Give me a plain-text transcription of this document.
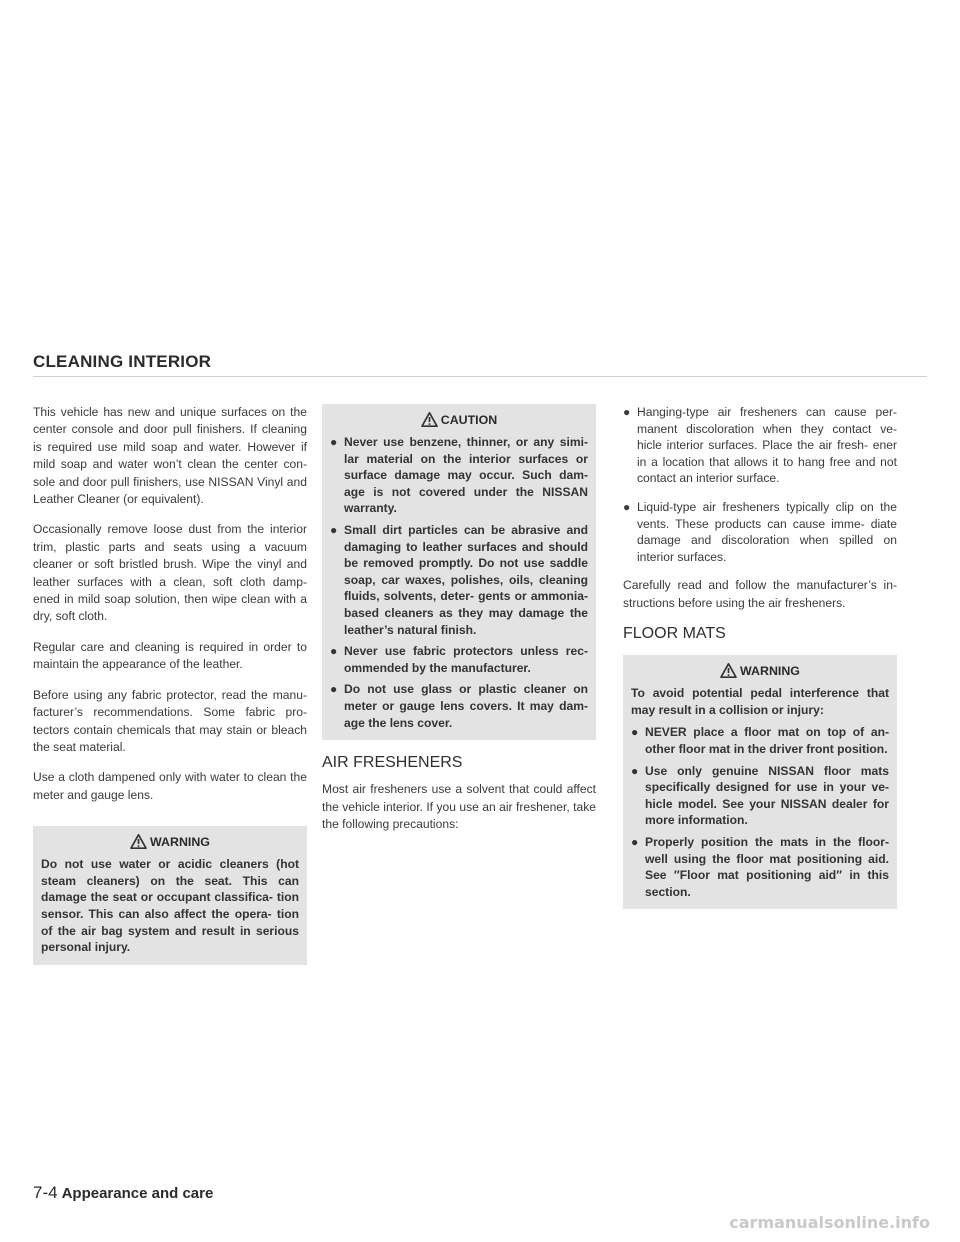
CLEANING INTERIOR

This vehicle has new and unique surfaces on the center console and door pull finishers. If cleaning is required use mild soap and water. However if mild soap and water won’t clean the center con- sole and door pull finishers, use NISSAN Vinyl and Leather Cleaner (or equivalent).

Occasionally remove loose dust from the interior trim, plastic parts and seats using a vacuum cleaner or soft bristled brush. Wipe the vinyl and leather surfaces with a clean, soft cloth damp- ened in mild soap solution, then wipe clean with a dry, soft cloth.

Regular care and cleaning is required in order to maintain the appearance of the leather.

Before using any fabric protector, read the manu- facturer’s recommendations. Some fabric pro- tectors contain chemicals that may stain or bleach the seat material.

Use a cloth dampened only with water to clean the meter and gauge lens.

WARNING
Do not use water or acidic cleaners (hot steam cleaners) on the seat. This can damage the seat or occupant classifica- tion sensor. This can also affect the opera- tion of the air bag system and result in serious personal injury.
CAUTION
● Never use benzene, thinner, or any simi- lar material on the interior surfaces or surface damage may occur. Such dam- age is not covered under the NISSAN warranty.
● Small dirt particles can be abrasive and damaging to leather surfaces and should be removed promptly. Do not use saddle soap, car waxes, polishes, oils, cleaning fluids, solvents, deter- gents or ammonia-based cleaners as they may damage the leather’s natural finish.
● Never use fabric protectors unless rec- ommended by the manufacturer.
● Do not use glass or plastic cleaner on meter or gauge lens covers. It may dam- age the lens cover.
AIR FRESHENERS

Most air fresheners use a solvent that could affect the vehicle interior. If you use an air freshener, take the following precautions:

● Hanging-type air fresheners can cause per- manent discoloration when they contact ve- hicle interior surfaces. Place the air fresh- ener in a location that allows it to hang free and not contact an interior surface.
● Liquid-type air fresheners typically clip on the vents. These products can cause imme- diate damage and discoloration when spilled on interior surfaces.

Carefully read and follow the manufacturer’s in- structions before using the air fresheners.

FLOOR MATS
WARNING
To avoid potential pedal interference that may result in a collision or injury:
● NEVER place a floor mat on top of an- other floor mat in the driver front position.
● Use only genuine NISSAN floor mats specifically designed for use in your ve- hicle model. See your NISSAN dealer for more information.
● Properly position the mats in the floor- well using the floor mat positioning aid. See ″Floor mat positioning aid″ in this section.
7-4 Appearance and care
carmanualsonline.info
